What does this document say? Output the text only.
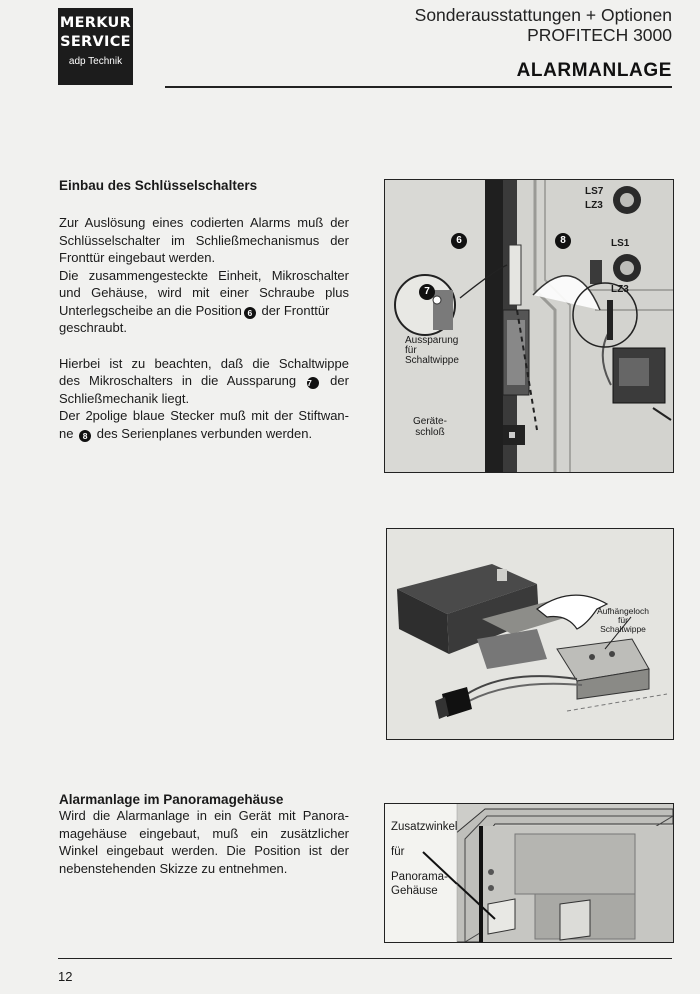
MERKUR
SERVICE
adp Technik
Sonderausstattungen + Optionen
PROFITECH 3000
ALARMANLAGE
Einbau des Schlüsselschalters

Zur Auslösung eines codierten Alarms muß der
Schlüsselschalter im Schließmechanismus der
Fronttür eingebaut werden.
Die zusammengesteckte Einheit, Mikroschalter
und Gehäuse, wird mit einer Schraube plus
Unterlegscheibe an die Position 6 der Fronttür
geschraubt.

Hierbei ist zu beachten, daß die Schaltwippe
des Mikroschalters in die Aussparung 7 der
Schließmechanik liegt.
Der 2polige blaue Stecker muß mit der Stiftwan-
ne 8 des Serienplanes verbunden werden.

LS7
LZ3
LS1
LZ3
6
7
8
Aussparung
für
Schaltwippe
Geräte-
schloß
Aufhängeloch
für
Schaltwippe
Alarmanlage im Panoramagehäuse

Wird die Alarmanlage in ein Gerät mit Panora-
magehäuse eingebaut, muß ein zusätzlicher
Winkel eingebaut werden. Die Position ist der
nebenstehenden Skizze zu entnehmen.

Zusatzwinkel
für
Panorama-
Gehäuse
12
